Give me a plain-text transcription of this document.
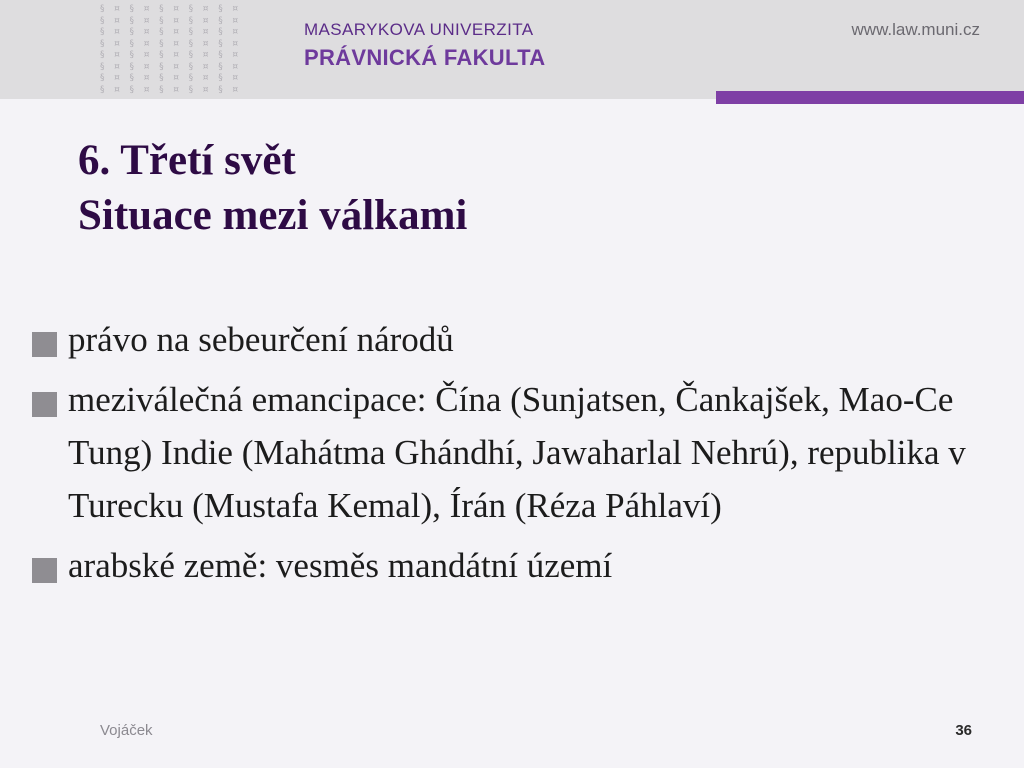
§ ¤ § ¤ § ¤ § ¤ § ¤
§ ¤ § ¤ § ¤ § ¤ § ¤
§ ¤ § ¤ § ¤ § ¤ § ¤
§ ¤ § ¤ § ¤ § ¤ § ¤
§ ¤ § ¤ § ¤ § ¤ § ¤
§ ¤ § ¤ § ¤ § ¤ § ¤
§ ¤ § ¤ § ¤ § ¤ § ¤
§ ¤ § ¤ § ¤ § ¤ § ¤
MASARYKOVA UNIVERZITA
PRÁVNICKÁ FAKULTA
www.law.muni.cz
6. Třetí svět
Situace mezi válkami
právo na sebeurčení národů
meziválečná emancipace: Čína (Sunjatsen, Čankajšek, Mao-Ce Tung) Indie (Mahátma Ghándhí, Jawaharlal Nehrú), republika v Turecku (Mustafa Kemal), Írán (Réza Páhlaví)
arabské země: vesměs mandátní území
Vojáček	36
